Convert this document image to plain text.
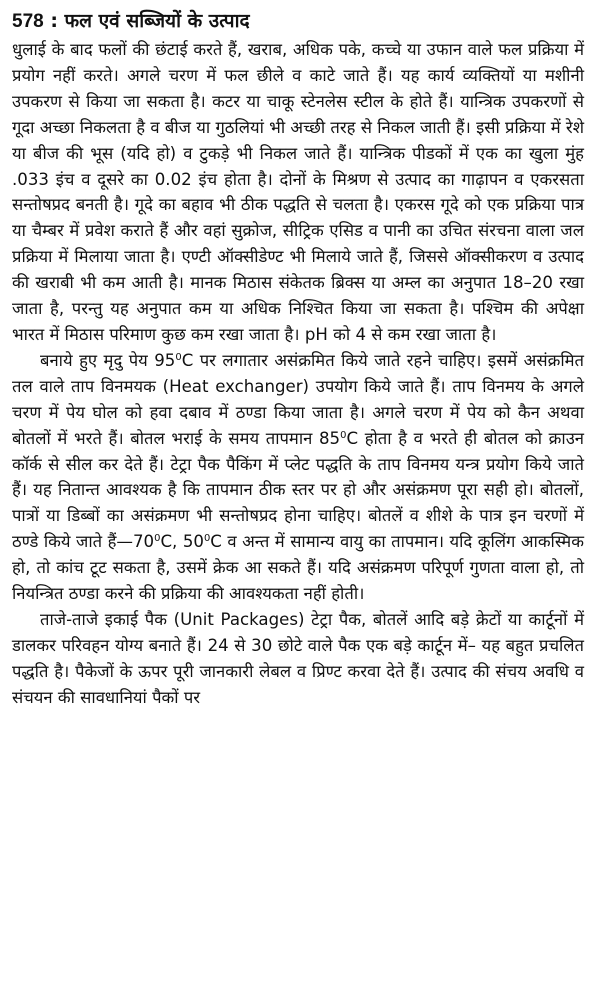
578 : फल एवं सब्जियों के उत्पाद

धुलाई के बाद फलों की छंटाई करते हैं, खराब, अधिक पके, कच्चे या उफान वाले फल प्रक्रिया में प्रयोग नहीं करते। अगले चरण में फल छीले व काटे जाते हैं। यह कार्य व्यक्तियों या मशीनी उपकरण से किया जा सकता है। कटर या चाकू स्टेनलेस स्टील के होते हैं। यान्त्रिक उपकरणों से गूदा अच्छा निकलता है व बीज या गुठलियां भी अच्छी तरह से निकल जाती हैं। इसी प्रक्रिया में रेशे या बीज की भूस (यदि हो) व टुकड़े भी निकल जाते हैं। यान्त्रिक पीडकों में एक का खुला मुंह .033 इंच व दूसरे का 0.02 इंच होता है। दोनों के मिश्रण से उत्पाद का गाढ़ापन व एकरसता सन्तोषप्रद बनती है। गूदे का बहाव भी ठीक पद्धति से चलता है। एकरस गूदे को एक प्रक्रिया पात्र या चैम्बर में प्रवेश कराते हैं और वहां सुक्रोज, सीट्रिक एसिड व पानी का उचित संरचना वाला जल प्रक्रिया में मिलाया जाता है। एण्टी ऑक्सीडेण्ट भी मिलाये जाते हैं, जिससे ऑक्सीकरण व उत्पाद की खराबी भी कम आती है। मानक मिठास संकेतक ब्रिक्स या अम्ल का अनुपात 18–20 रखा जाता है, परन्तु यह अनुपात कम या अधिक निश्चित किया जा सकता है। पश्चिम की अपेक्षा भारत में मिठास परिमाण कुछ कम रखा जाता है। pH को 4 से कम रखा जाता है।

बनाये हुए मृदु पेय $95^0C$ पर लगातार असंक्रमित किये जाते रहने चाहिए। इसमें असंक्रमित तल वाले ताप विनमयक (Heat exchanger) उपयोग किये जाते हैं। ताप विनमय के अगले चरण में पेय घोल को हवा दबाव में ठण्डा किया जाता है। अगले चरण में पेय को कैन अथवा बोतलों में भरते हैं। बोतल भराई के समय तापमान $85^0C$ होता है व भरते ही बोतल को क्राउन कॉर्क से सील कर देते हैं। टेट्रा पैक पैकिंग में प्लेट पद्धति के ताप विनमय यन्त्र प्रयोग किये जाते हैं। यह नितान्त आवश्यक है कि तापमान ठीक स्तर पर हो और असंक्रमण पूरा सही हो। बोतलों, पात्रों या डिब्बों का असंक्रमण भी सन्तोषप्रद होना चाहिए। बोतलें व शीशे के पात्र इन चरणों में ठण्डे किये जाते $हैं—70^0C$, $50^0C$ व अन्त में सामान्य वायु का तापमान। यदि कूलिंग आकस्मिक हो, तो कांच टूट सकता है, उसमें क्रेक आ सकते हैं। यदि असंक्रमण परिपूर्ण गुणता वाला हो, तो नियन्त्रित ठण्डा करने की प्रक्रिया की आवश्यकता नहीं होती।

ताजे-ताजे इकाई पैक (Unit Packages) टेट्रा पैक, बोतलें आदि बड़े क्रेटों या कार्टूनों में डालकर परिवहन योग्य बनाते हैं। 24 से 30 छोटे वाले पैक एक बड़े कार्टून में– यह बहुत प्रचलित पद्धति है। पैकेजों के ऊपर पूरी जानकारी लेबल व प्रिण्ट करवा देते हैं। उत्पाद की संचय अवधि व संचयन की सावधानियां पैकों पर
